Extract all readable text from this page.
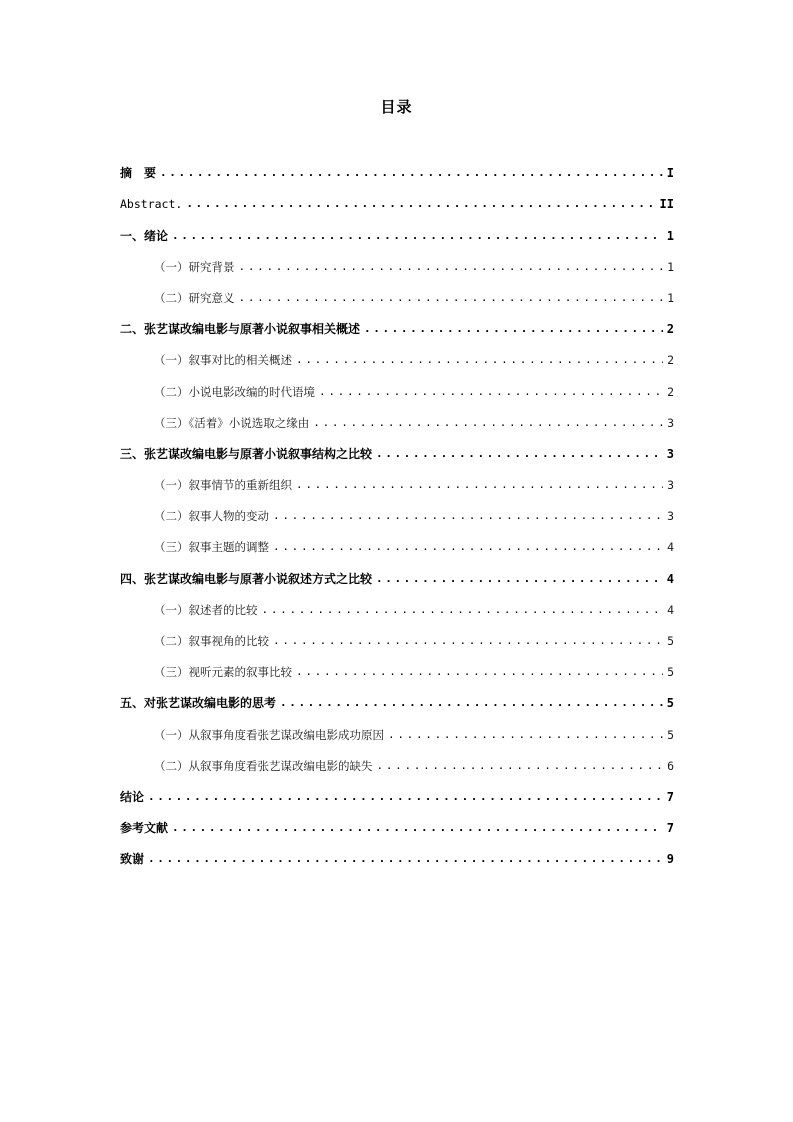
目录
摘　要 .....	I
Abstract. .....	II
一、绪论 .....	1
（一）研究背景 .....	1
（二）研究意义 .....	1
二、张艺谋改编电影与原著小说叙事相关概述 .....	2
（一）叙事对比的相关概述 .....	2
（二）小说电影改编的时代语境 .....	2
（三）《活着》小说选取之缘由 .....	3
三、张艺谋改编电影与原著小说叙事结构之比较 .....	3
（一）叙事情节的重新组织 .....	3
（二）叙事人物的变动 .....	3
（三）叙事主题的调整 .....	4
四、张艺谋改编电影与原著小说叙述方式之比较 .....	4
（一）叙述者的比较 .....	4
（二）叙事视角的比较 .....	5
（三）视听元素的叙事比较 .....	5
五、对张艺谋改编电影的思考 .....	5
（一）从叙事角度看张艺谋改编电影成功原因 .....	5
（二）从叙事角度看张艺谋改编电影的缺失 .....	6
结论 .....	7
参考文献 .....	7
致谢 .....	9
